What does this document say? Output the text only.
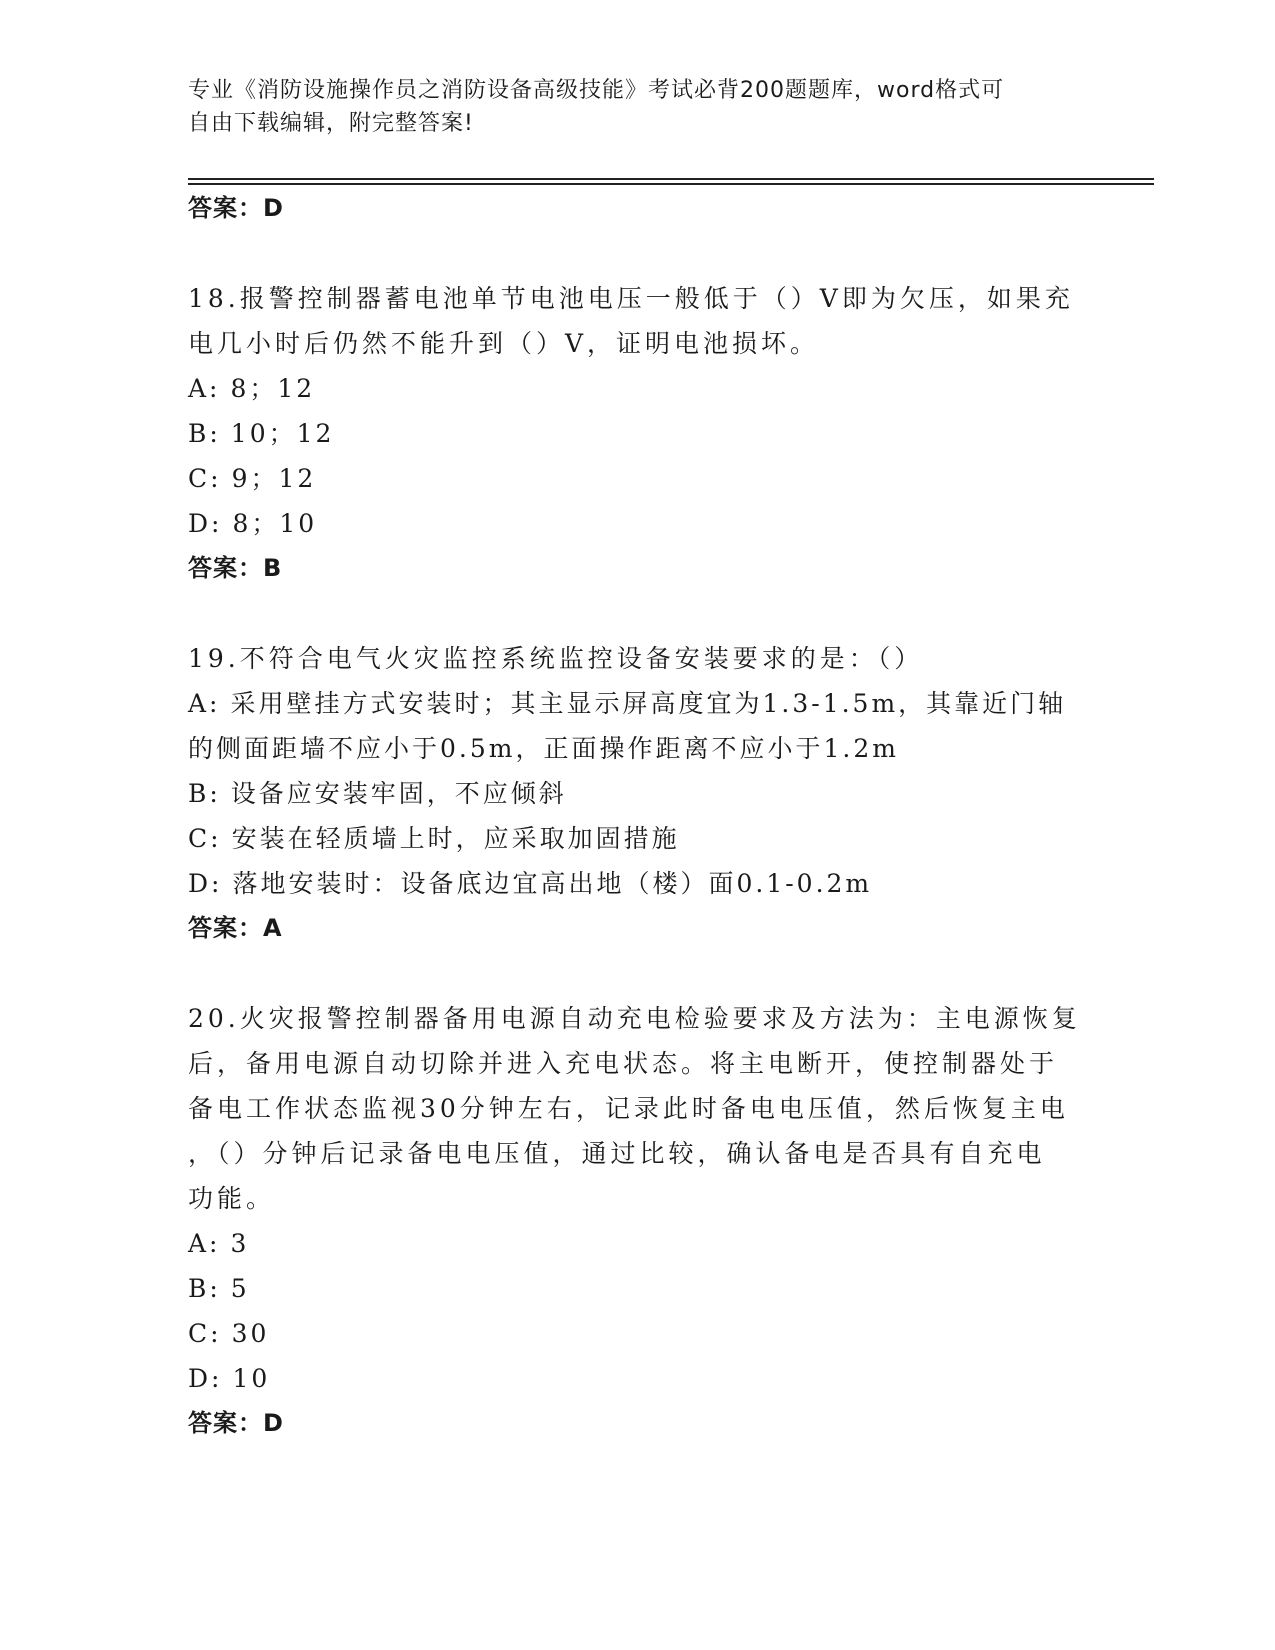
专业《消防设施操作员之消防设备高级技能》考试必背200题题库，word格式可
自由下载编辑，附完整答案!
答案：D
18.报警控制器蓄电池单节电池电压一般低于（）V即为欠压，如果充
电几小时后仍然不能升到（）V，证明电池损坏。
A: 8；12
B: 10；12
C: 9；12
D: 8；10
答案：B
19.不符合电气火灾监控系统监控设备安装要求的是：（）
A: 采用壁挂方式安装时；其主显示屏高度宜为1.3-1.5m，其靠近门轴
的侧面距墙不应小于0.5m，正面操作距离不应小于1.2m
B: 设备应安装牢固，不应倾斜
C: 安装在轻质墙上时，应采取加固措施
D: 落地安装时：设备底边宜高出地（楼）面0.1-0.2m
答案：A
20.火灾报警控制器备用电源自动充电检验要求及方法为：主电源恢复
后，备用电源自动切除并进入充电状态。将主电断开，使控制器处于
备电工作状态监视30分钟左右，记录此时备电电压值，然后恢复主电
，（）分钟后记录备电电压值，通过比较，确认备电是否具有自充电
功能。
A: 3
B: 5
C: 30
D: 10
答案：D
